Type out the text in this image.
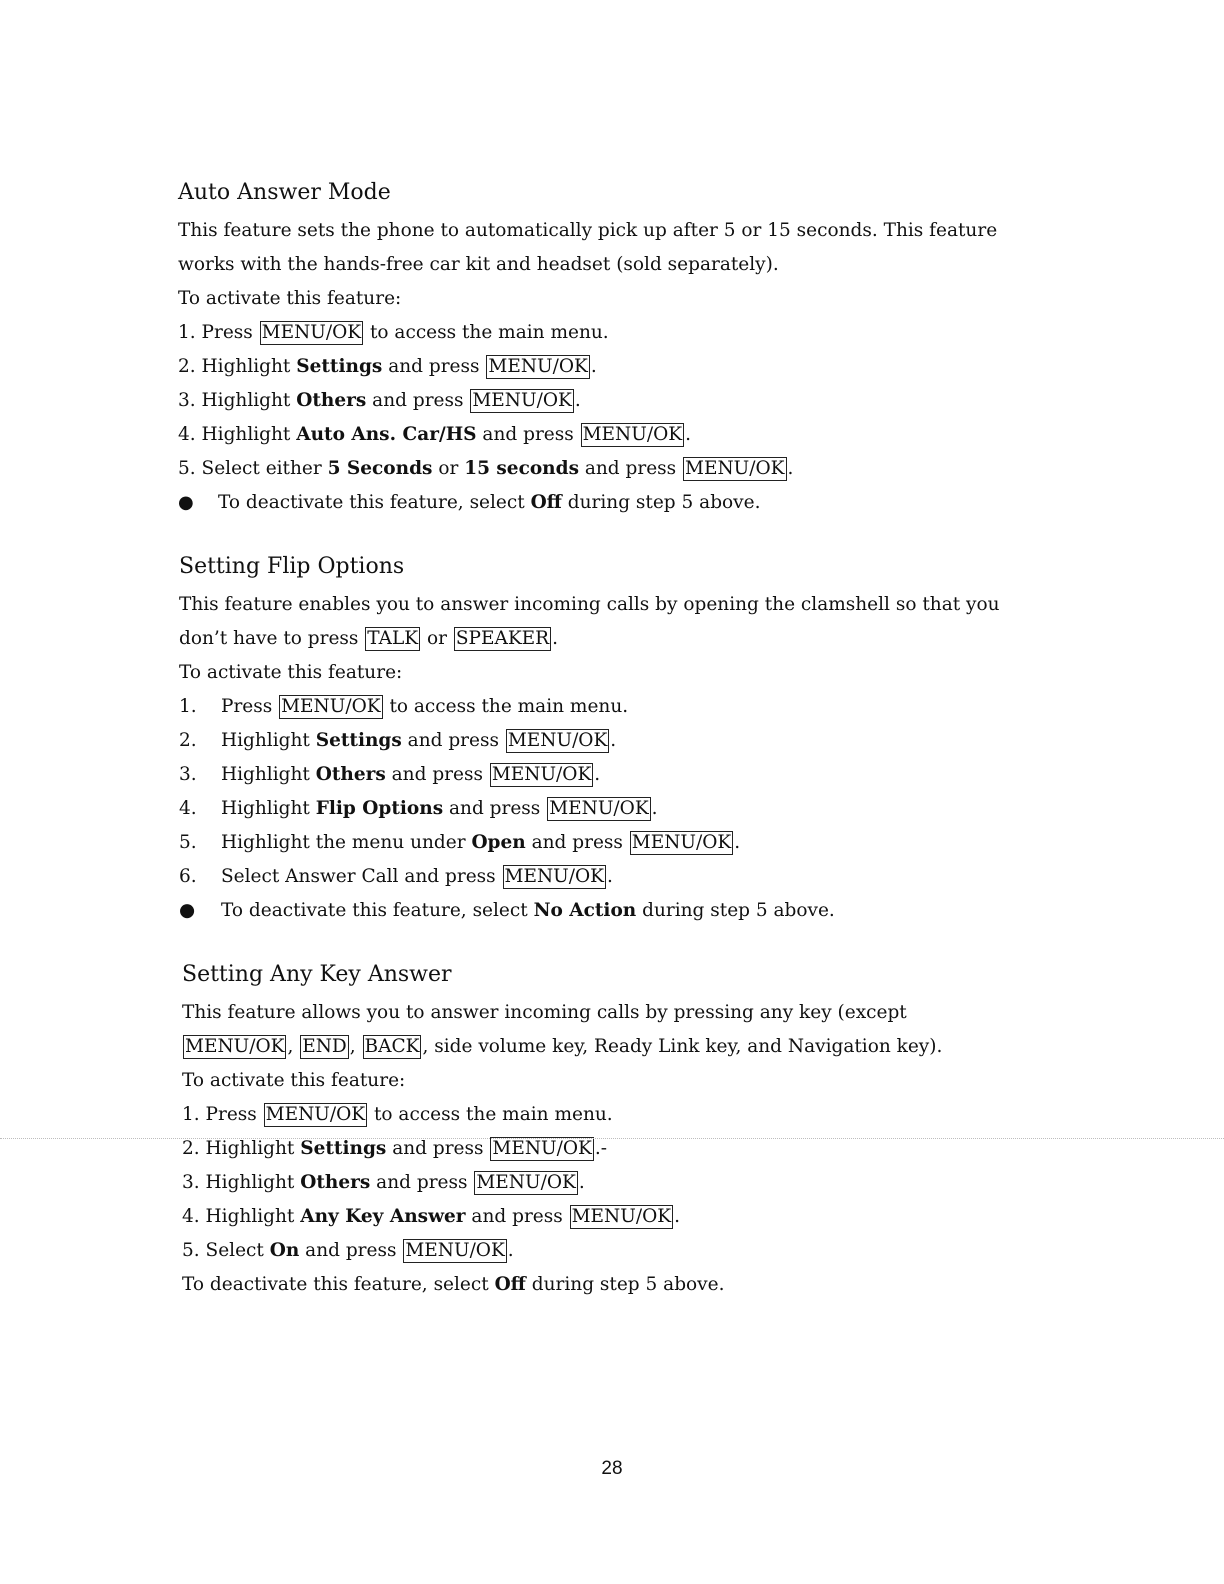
Auto Answer Mode
This feature sets the phone to automatically pick up after 5 or 15 seconds. This feature
works with the hands-free car kit and headset (sold separately).
To activate this feature:
1. Press MENU/OK to access the main menu.
2. Highlight Settings and press MENU/OK .
3. Highlight Others and press MENU/OK .
4. Highlight Auto Ans. Car/HS and press MENU/OK .
5. Select either 5 Seconds or 15 seconds and press MENU/OK .
● To deactivate this feature, select Off during step 5 above.
Setting Flip Options
This feature enables you to answer incoming calls by opening the clamshell so that you
don’t have to press TALK or SPEAKER .
To activate this feature:
1. Press MENU/OK to access the main menu.
2. Highlight Settings and press MENU/OK .
3. Highlight Others and press MENU/OK .
4. Highlight Flip Options and press MENU/OK .
5. Highlight the menu under Open and press MENU/OK .
6. Select Answer Call and press MENU/OK .
● To deactivate this feature, select No Action during step 5 above.
Setting Any Key Answer
This feature allows you to answer incoming calls by pressing any key (except
MENU/OK , END , BACK , side volume key, Ready Link key, and Navigation key).
To activate this feature:
1. Press MENU/OK to access the main menu.
2. Highlight Settings and press MENU/OK .-
3. Highlight Others and press MENU/OK .
4. Highlight Any Key Answer and press MENU/OK .
5. Select On and press MENU/OK .
To deactivate this feature, select Off during step 5 above.
28
